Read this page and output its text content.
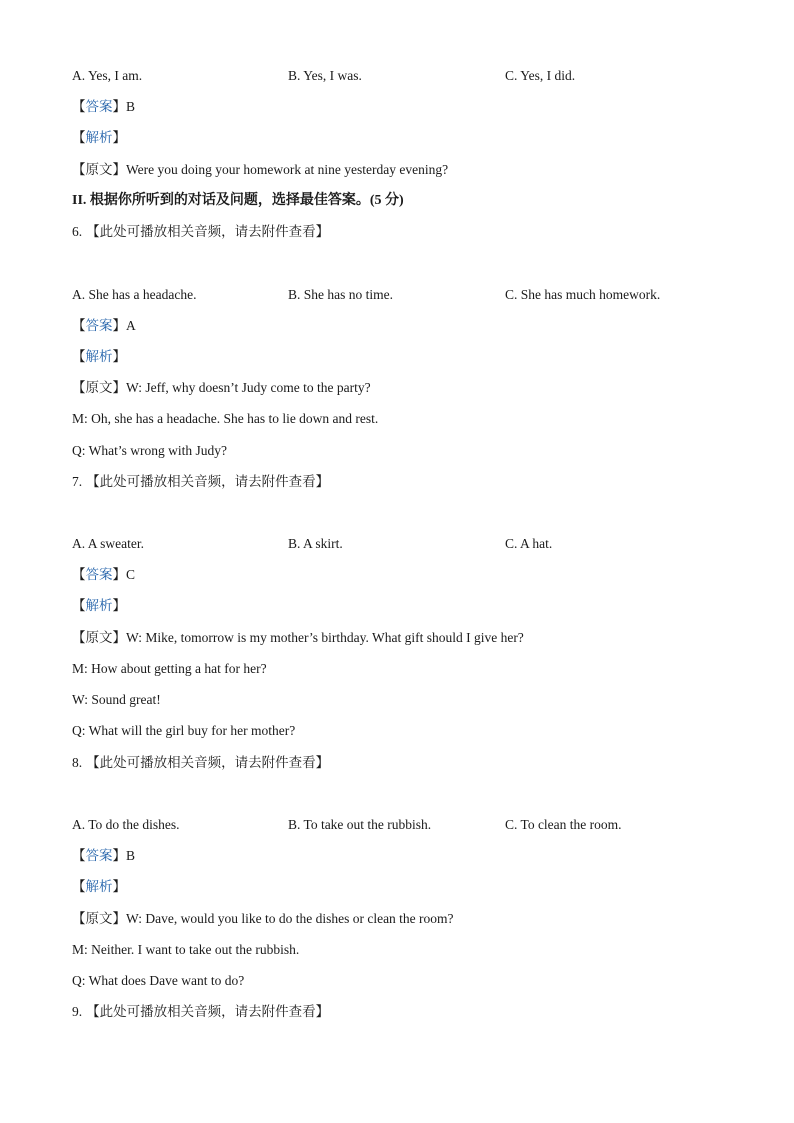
A. Yes, I am.	B. Yes, I was.	C. Yes, I did.
【答案】B
【解析】
【原文】Were you doing your homework at nine yesterday evening?
II. 根据你所听到的对话及问题，选择最佳答案。(5 分)
6. 【此处可播放相关音频，请去附件查看】
A. She has a headache.	B. She has no time.	C. She has much homework.
【答案】A
【解析】
【原文】W: Jeff, why doesn’t Judy come to the party?
M: Oh, she has a headache. She has to lie down and rest.
Q: What’s wrong with Judy?
7. 【此处可播放相关音频，请去附件查看】
A. A sweater.	B. A skirt.	C. A hat.
【答案】C
【解析】
【原文】W: Mike, tomorrow is my mother’s birthday. What gift should I give her?
M: How about getting a hat for her?
W: Sound great!
Q: What will the girl buy for her mother?
8. 【此处可播放相关音频，请去附件查看】
A. To do the dishes.	B. To take out the rubbish.	C. To clean the room.
【答案】B
【解析】
【原文】W: Dave, would you like to do the dishes or clean the room?
M: Neither. I want to take out the rubbish.
Q: What does Dave want to do?
9. 【此处可播放相关音频，请去附件查看】
